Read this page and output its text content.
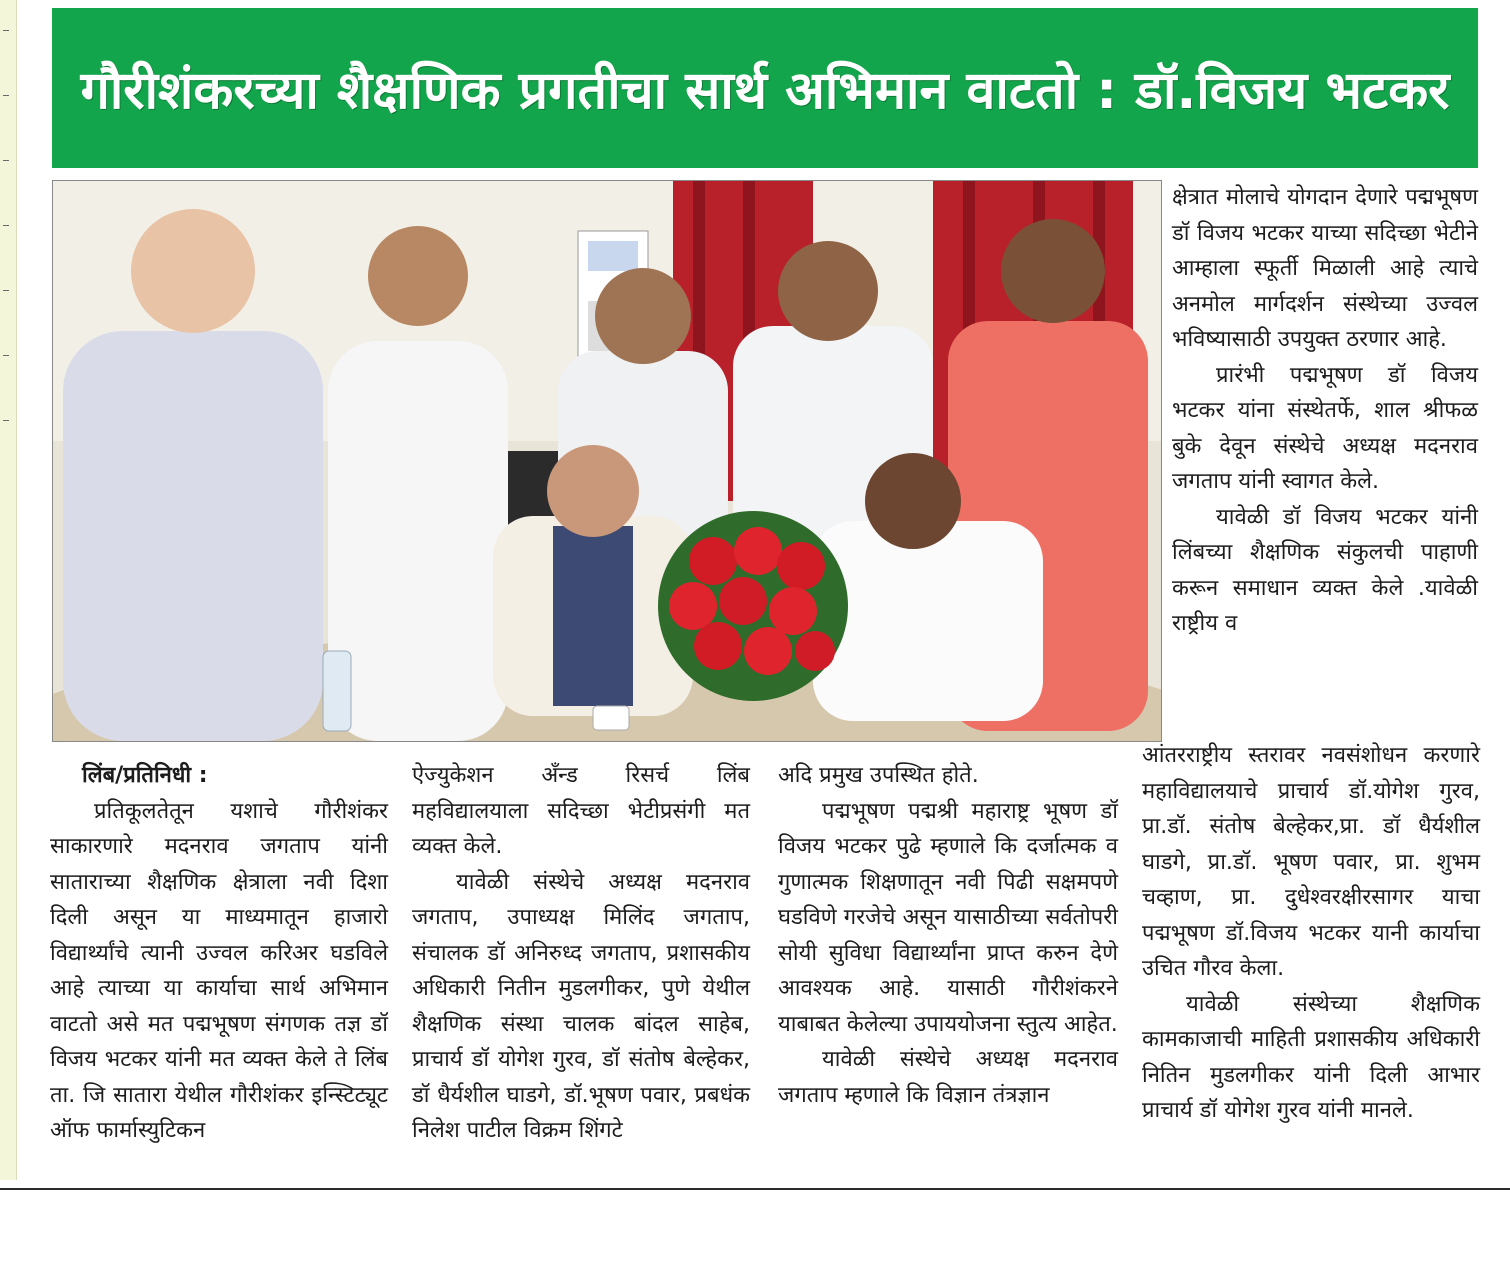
गौरीशंकरच्या शैक्षणिक प्रगतीचा सार्थ अभिमान वाटतो : डॉ.विजय भटकर

क्षेत्रात मोलाचे योगदान देणारे पद्मभूषण डॉ विजय भटकर याच्या सदिच्छा भेटीने आम्हाला स्फूर्ती मिळाली आहे त्याचे अनमोल मार्गदर्शन संस्थेच्या उज्वल भविष्यासाठी उपयुक्त ठरणार आहे.

प्रारंभी पद्मभूषण डॉ विजय भटकर यांना संस्थेतर्फे, शाल श्रीफळ बुके देवून संस्थेचे अध्यक्ष मदनराव जगताप यांनी स्वागत केले.

यावेळी डॉ विजय भटकर यांनी लिंबच्या शैक्षणिक संकुलची पाहाणी करून समाधान व्यक्त केले .यावेळी राष्ट्रीय व

लिंब/प्रतिनिधी :

प्रतिकूलतेतून यशाचे गौरीशंकर साकारणारे मदनराव जगताप यांनी साताराच्या शैक्षणिक क्षेत्राला नवी दिशा दिली असून या माध्यमातून हाजारो विद्यार्थ्यांचे त्यानी उज्वल करिअर घडविले आहे त्याच्या या कार्याचा सार्थ अभिमान वाटतो असे मत पद्मभूषण संगणक तज्ञ डॉ विजय भटकर यांनी मत व्यक्त केले ते लिंब ता. जि सातारा येथील गौरीशंकर इन्स्टिट्यूट ऑफ फार्मास्युटिकन

ऐज्युकेशन अँन्ड रिसर्च लिंब महविद्यालयाला सदिच्छा भेटीप्रसंगी मत व्यक्त केले.

यावेळी संस्थेचे अध्यक्ष मदनराव जगताप, उपाध्यक्ष मिलिंद जगताप, संचालक डॉ अनिरुध्द जगताप, प्रशासकीय अधिकारी नितीन मुडलगीकर, पुणे येथील शैक्षणिक संस्था चालक बांदल साहेब, प्राचार्य डॉ योगेश गुरव, डॉ संतोष बेल्हेकर, डॉ धैर्यशील घाडगे, डॉ.भूषण पवार, प्रबधंक निलेश पाटील विक्रम शिंगटे

अदि प्रमुख उपस्थित होते.

पद्मभूषण पद्मश्री महाराष्ट्र भूषण डॉ विजय भटकर पुढे म्हणाले कि दर्जात्मक व गुणात्मक शिक्षणातून नवी पिढी सक्षमपणे घडविणे गरजेचे असून यासाठीच्या सर्वतोपरी सोयी सुविधा विद्यार्थ्यांना प्राप्त करुन देणे आवश्यक आहे. यासाठी गौरीशंकरने याबाबत केलेल्या उपाययोजना स्तुत्य आहेत.

यावेळी संस्थेचे अध्यक्ष मदनराव जगताप म्हणाले कि विज्ञान तंत्रज्ञान

आंतरराष्ट्रीय स्तरावर नवसंशोधन करणारे महाविद्यालयाचे प्राचार्य डॉ.योगेश गुरव, प्रा.डॉ. संतोष बेल्हेकर,प्रा. डॉ धैर्यशील घाडगे, प्रा.डॉ. भूषण पवार, प्रा. शुभम चव्हाण, प्रा. दुधेश्वरक्षीरसागर याचा पद्मभूषण डॉ.विजय भटकर यानी कार्याचा उचित गौरव केला.

यावेळी संस्थेच्या शैक्षणिक कामकाजाची माहिती प्रशासकीय अधिकारी नितिन मुडलगीकर यांनी दिली आभार प्राचार्य डॉ योगेश गुरव यांनी मानले.
